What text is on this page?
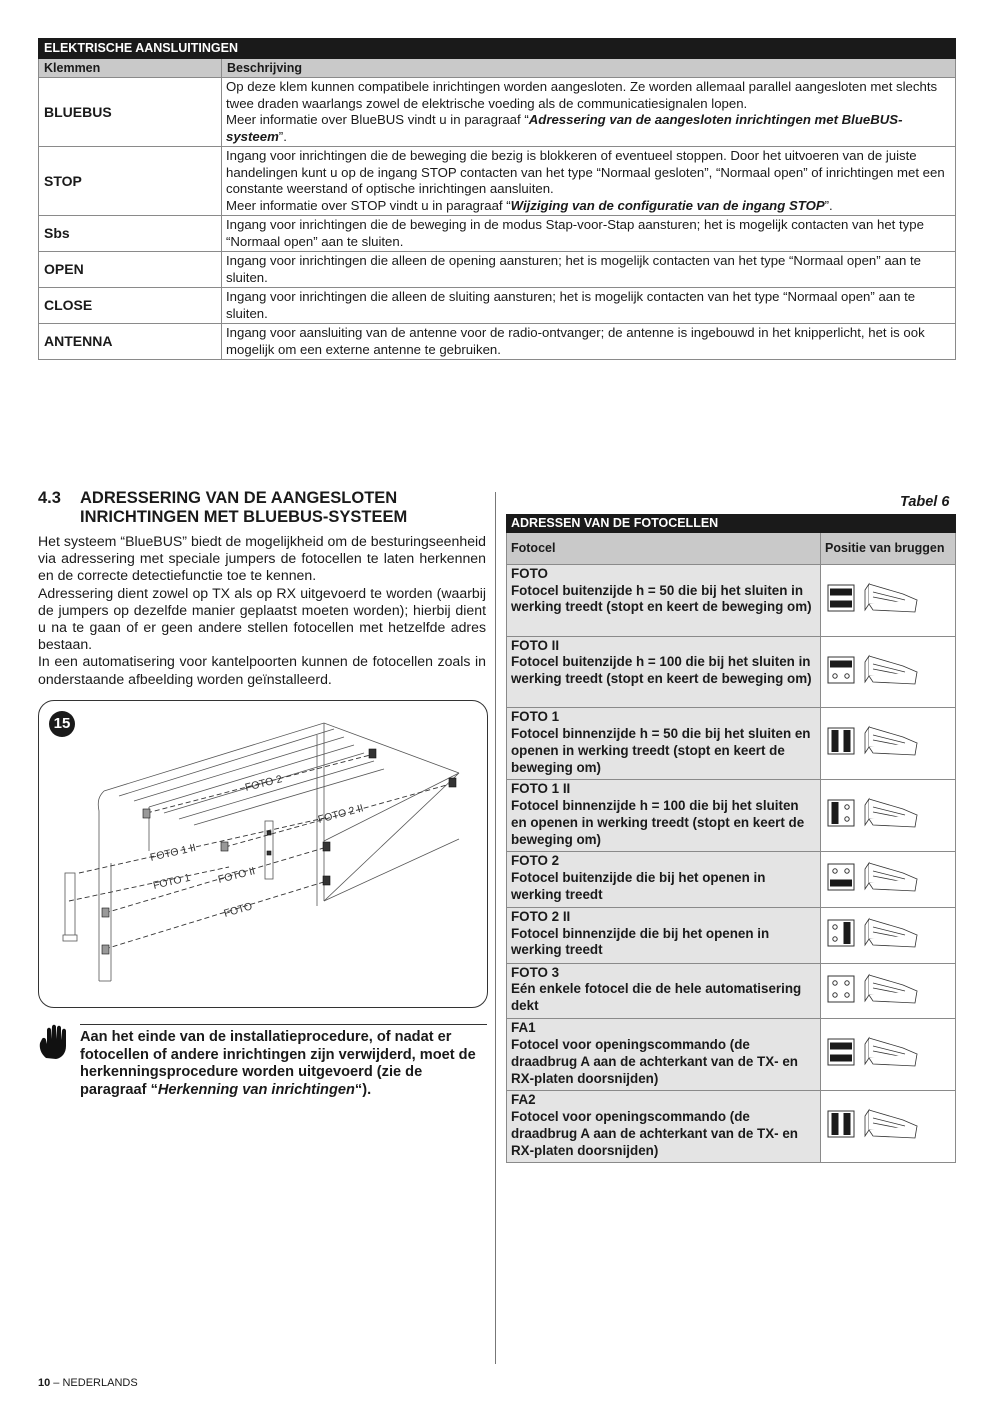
ELEKTRISCHE AANSLUITINGEN	
Klemmen	Beschrijving
BLUEBUS	Op deze klem kunnen compatibele inrichtingen worden aangesloten. Ze worden allemaal parallel aangesloten met slechts twee draden waarlangs zowel de elektrische voeding als de communicatiesignalen lopen.
Meer informatie over BlueBUS vindt u in paragraaf “Adressering van de aangesloten inrichtingen met BlueBUS-systeem”.
STOP	Ingang voor inrichtingen die de beweging die bezig is blokkeren of eventueel stoppen. Door het uitvoeren van de juiste handelingen kunt u op de ingang STOP contacten van het type “Normaal gesloten”, “Normaal open” of inrichtingen met een constante weerstand of optische inrichtingen aansluiten.
Meer informatie over STOP vindt u in paragraaf “Wijziging van de configuratie van de ingang STOP”.
Sbs	Ingang voor inrichtingen die de beweging in de modus Stap-voor-Stap aansturen; het is mogelijk contacten van het type “Normaal open” aan te sluiten.
OPEN	Ingang voor inrichtingen die alleen de opening aansturen; het is mogelijk contacten van het type “Normaal open” aan te sluiten.
CLOSE	Ingang voor inrichtingen die alleen de sluiting aansturen; het is mogelijk contacten van het type “Normaal open” aan te sluiten.
ANTENNA	Ingang voor aansluiting van de antenne voor de radio-ontvanger; de antenne is ingebouwd in het knipperlicht, het is ook mogelijk om een externe antenne te gebruiken.
4.3 ADRESSERING VAN DE AANGESLOTEN INRICHTINGEN MET BLUEBUS-SYSTEEM

Het systeem “BlueBUS” biedt de mogelijkheid om de besturingseenheid via adressering met speciale jumpers de fotocellen te laten herkennen en de correcte detectiefunctie toe te kennen.

Adressering dient zowel op TX als op RX uitgevoerd te worden (waarbij de jumpers op dezelfde manier geplaatst moeten worden); hierbij dient u na te gaan of er geen andere stellen fotocellen met hetzelfde adres bestaan.

In een automatisering voor kantelpoorten kunnen de fotocellen zoals in onderstaande afbeelding worden geïnstalleerd.

15
FOTO 2
FOTO 2 II
FOTO 1 II
FOTO 1 FOTO II
FOTO

Aan het einde van de installatieprocedure, of nadat er fotocellen of andere inrichtingen zijn verwijderd, moet de herkenningsprocedure worden uitgevoerd (zie de paragraaf “Herkenning van inrichtingen“).

Tabel 6
ADRESSEN VAN DE FOTOCELLEN	
Fotocel	Positie van bruggen

FOTO
Fotocel buitenzijde h = 50 die bij het sluiten in werking treedt (stopt en keert de beweging om)

FOTO II
Fotocel buitenzijde h = 100 die bij het sluiten in werking treedt (stopt en keert de beweging om)

FOTO 1
Fotocel binnenzijde h = 50 die bij het sluiten en openen in werking treedt (stopt en keert de beweging om)

FOTO 1 II
Fotocel binnenzijde h = 100 die bij het sluiten en openen in werking treedt (stopt en keert de beweging om)

FOTO 2
Fotocel buitenzijde die bij het openen in werking treedt

FOTO 2 II
Fotocel binnenzijde die bij het openen in werking treedt

FOTO 3
Eén enkele fotocel die de hele automatisering dekt

FA1
Fotocel voor openingscommando (de draadbrug A aan de achterkant van de TX- en RX-platen doorsnijden)

FA2
Fotocel voor openingscommando (de draadbrug A aan de achterkant van de TX- en RX-platen doorsnijden)

10 – NEDERLANDS
